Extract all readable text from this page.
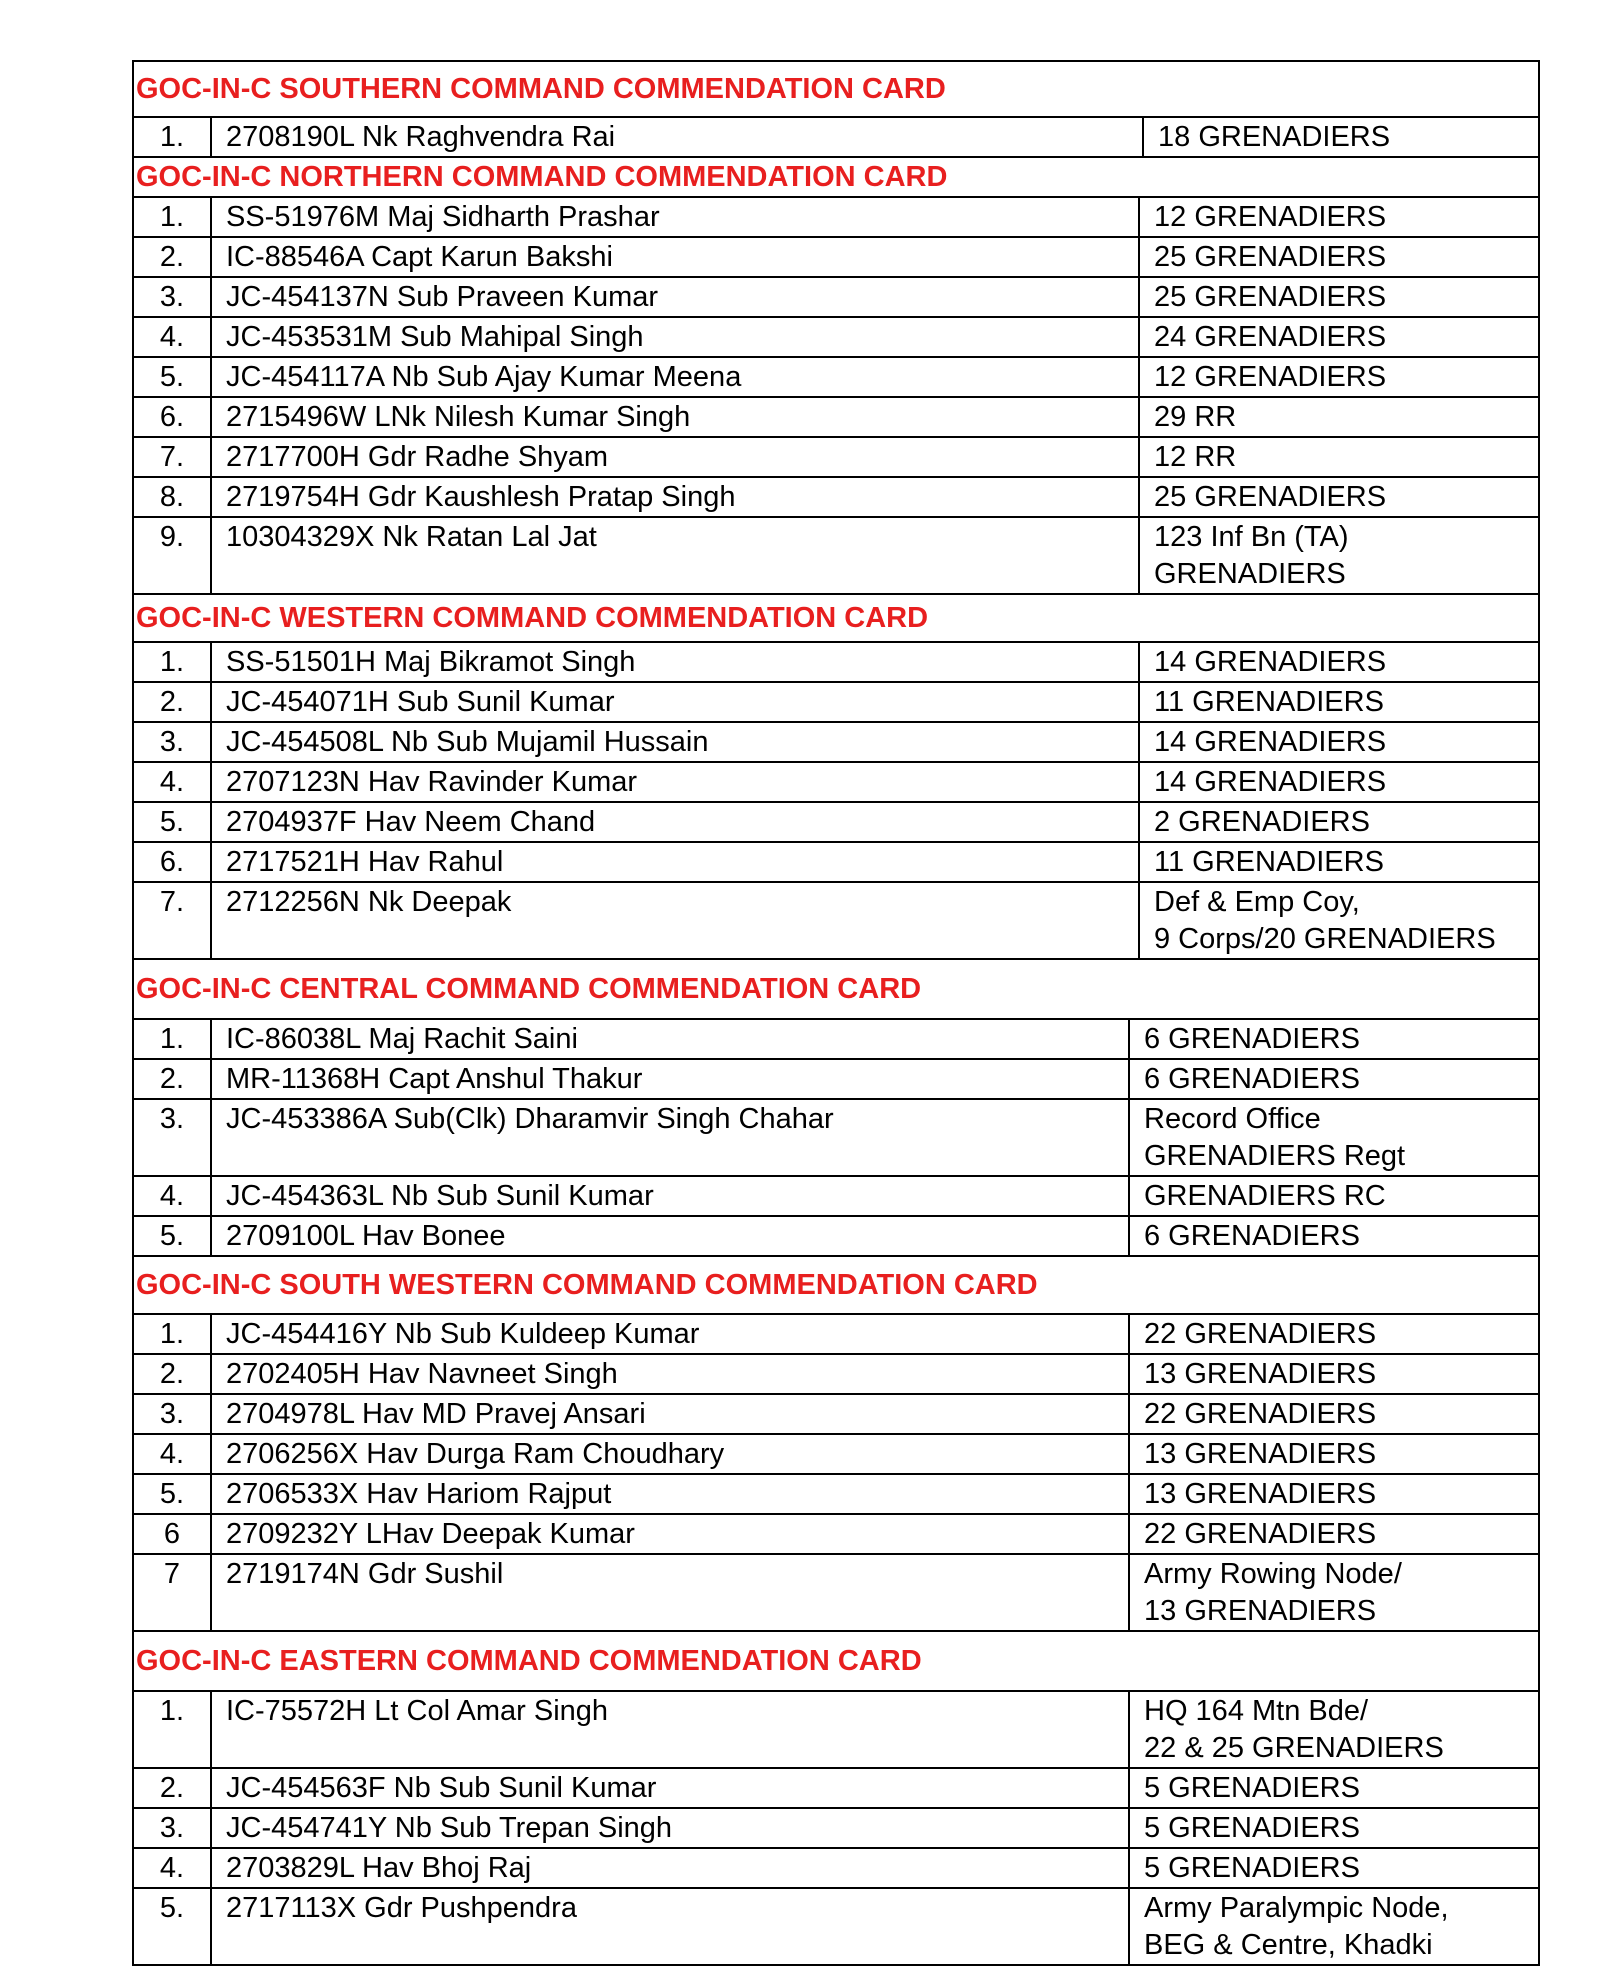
GOC-IN-C SOUTHERN COMMAND COMMENDATION CARD
1.	2708190L Nk Raghvendra Rai	18 GRENADIERS
GOC-IN-C NORTHERN COMMAND COMMENDATION CARD
1.	SS-51976M Maj Sidharth Prashar	12 GRENADIERS
2.	IC-88546A Capt Karun Bakshi	25 GRENADIERS
3.	JC-454137N Sub Praveen Kumar	25 GRENADIERS
4.	JC-453531M Sub Mahipal Singh	24 GRENADIERS
5.	JC-454117A Nb Sub Ajay Kumar Meena	12 GRENADIERS
6.	2715496W LNk Nilesh Kumar Singh	29 RR
7.	2717700H Gdr Radhe Shyam	12 RR
8.	2719754H Gdr Kaushlesh Pratap Singh	25 GRENADIERS
9.	10304329X Nk Ratan Lal Jat	123 Inf Bn (TA)
GRENADIERS
GOC-IN-C WESTERN COMMAND COMMENDATION CARD
1.	SS-51501H Maj Bikramot Singh	14 GRENADIERS
2.	JC-454071H Sub Sunil Kumar	11 GRENADIERS
3.	JC-454508L Nb Sub Mujamil Hussain	14 GRENADIERS
4.	2707123N Hav Ravinder Kumar	14 GRENADIERS
5.	2704937F Hav Neem Chand	2 GRENADIERS
6.	2717521H Hav Rahul	11 GRENADIERS
7.	2712256N Nk Deepak	Def & Emp Coy,
9 Corps/20 GRENADIERS
GOC-IN-C CENTRAL COMMAND COMMENDATION CARD
1.	IC-86038L Maj Rachit Saini	6 GRENADIERS
2.	MR-11368H Capt Anshul Thakur	6 GRENADIERS
3.	JC-453386A Sub(Clk) Dharamvir Singh Chahar	Record Office
GRENADIERS Regt
4.	JC-454363L Nb Sub Sunil Kumar	GRENADIERS RC
5.	2709100L Hav Bonee	6 GRENADIERS
GOC-IN-C SOUTH WESTERN COMMAND COMMENDATION CARD
1.	JC-454416Y Nb Sub Kuldeep Kumar	22 GRENADIERS
2.	2702405H Hav Navneet Singh	13 GRENADIERS
3.	2704978L Hav MD Pravej Ansari	22 GRENADIERS
4.	2706256X Hav Durga Ram Choudhary	13 GRENADIERS
5.	2706533X Hav Hariom Rajput	13 GRENADIERS
6	2709232Y LHav Deepak Kumar	22 GRENADIERS
7	2719174N Gdr Sushil	Army Rowing Node/
13 GRENADIERS
GOC-IN-C EASTERN COMMAND COMMENDATION CARD
1.	IC-75572H Lt Col Amar Singh	HQ 164 Mtn Bde/
22 & 25 GRENADIERS
2.	JC-454563F Nb Sub Sunil Kumar	5 GRENADIERS
3.	JC-454741Y Nb Sub Trepan Singh	5 GRENADIERS
4.	2703829L Hav Bhoj Raj	5 GRENADIERS
5.	2717113X Gdr Pushpendra	Army Paralympic Node,
BEG & Centre, Khadki
